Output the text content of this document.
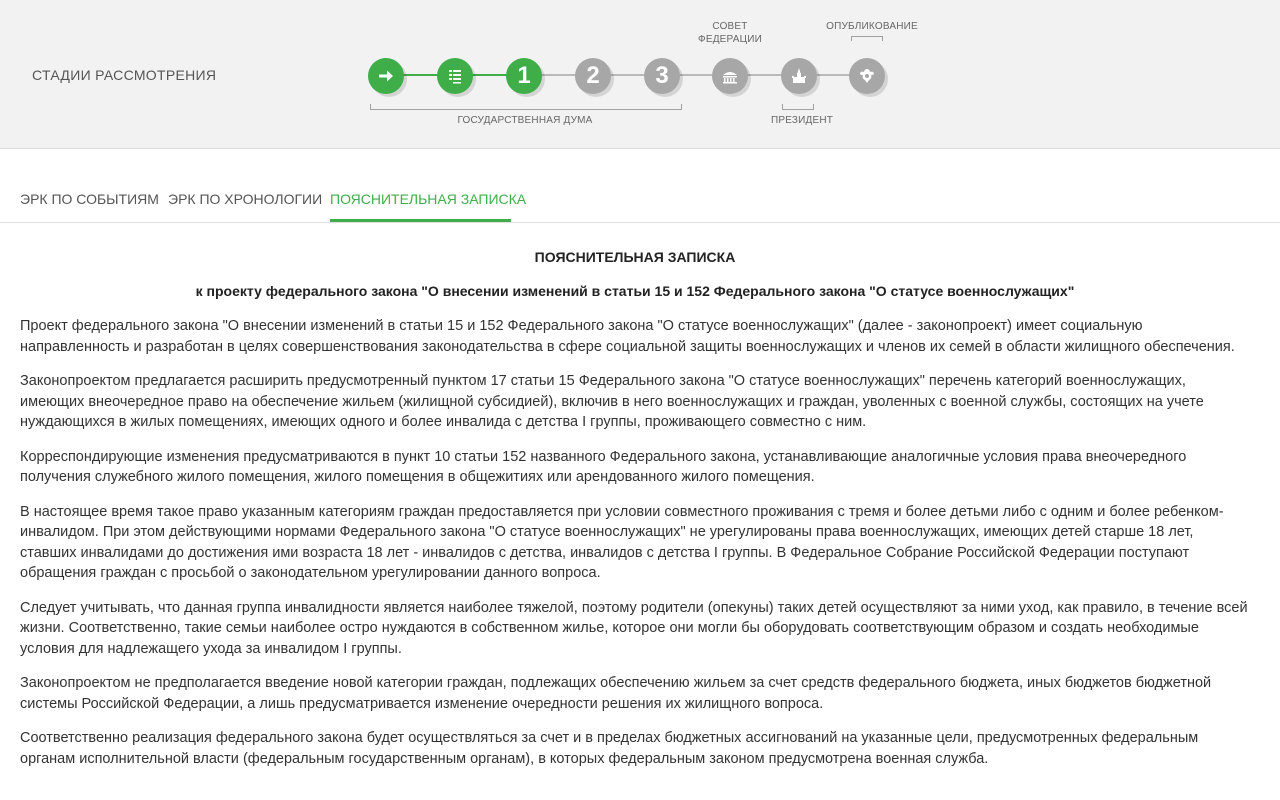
СТАДИИ РАССМОТРЕНИЯ	1 2 3
ГОСУДАРСТВЕННАЯ ДУМА
СОВЕТ
ФЕДЕРАЦИИ
ПРЕЗИДЕНТ
ОПУБЛИКОВАНИЕ
ЭРК ПО СОБЫТИЯМ ЭРК ПО ХРОНОЛОГИИ ПОЯСНИТЕЛЬНАЯ ЗАПИСКА
ПОЯСНИТЕЛЬНАЯ ЗАПИСКА
к проекту федерального закона "О внесении изменений в статьи 15 и 152 Федерального закона "О статусе военнослужащих"

Проект федерального закона "О внесении изменений в статьи 15 и 152 Федерального закона "О статусе военнослужащих" (далее - законопроект) имеет социальную направленность и разработан в целях совершенствования законодательства в сфере социальной защиты военнослужащих и членов их семей в области жилищного обеспечения.

Законопроектом предлагается расширить предусмотренный пунктом 17 статьи 15 Федерального закона "О статусе военнослужащих" перечень категорий военнослужащих, имеющих внеочередное право на обеспечение жильем (жилищной субсидией), включив в него военнослужащих и граждан, уволенных с военной службы, состоящих на учете нуждающихся в жилых помещениях, имеющих одного и более инвалида с детства I группы, проживающего совместно с ним.

Корреспондирующие изменения предусматриваются в пункт 10 статьи 152 названного Федерального закона, устанавливающие аналогичные условия права внеочередного получения служебного жилого помещения, жилого помещения в общежитиях или арендованного жилого помещения.

В настоящее время такое право указанным категориям граждан предоставляется при условии совместного проживания с тремя и более детьми либо с одним и более ребенком-инвалидом. При этом действующими нормами Федерального закона "О статусе военнослужащих" не урегулированы права военнослужащих, имеющих детей старше 18 лет, ставших инвалидами до достижения ими возраста 18 лет - инвалидов с детства, инвалидов с детства I группы. В Федеральное Собрание Российской Федерации поступают обращения граждан с просьбой о законодательном урегулировании данного вопроса.

Следует учитывать, что данная группа инвалидности является наиболее тяжелой, поэтому родители (опекуны) таких детей осуществляют за ними уход, как правило, в течение всей жизни. Соответственно, такие семьи наиболее остро нуждаются в собственном жилье, которое они могли бы оборудовать соответствующим образом и создать необходимые условия для надлежащего ухода за инвалидом I группы.

Законопроектом не предполагается введение новой категории граждан, подлежащих обеспечению жильем за счет средств федерального бюджета, иных бюджетов бюджетной системы Российской Федерации, а лишь предусматривается изменение очередности решения их жилищного вопроса.

Соответственно реализация федерального закона будет осуществляться за счет и в пределах бюджетных ассигнований на указанные цели, предусмотренных федеральным органам исполнительной власти (федеральным государственным органам), в которых федеральным законом предусмотрена военная служба.
